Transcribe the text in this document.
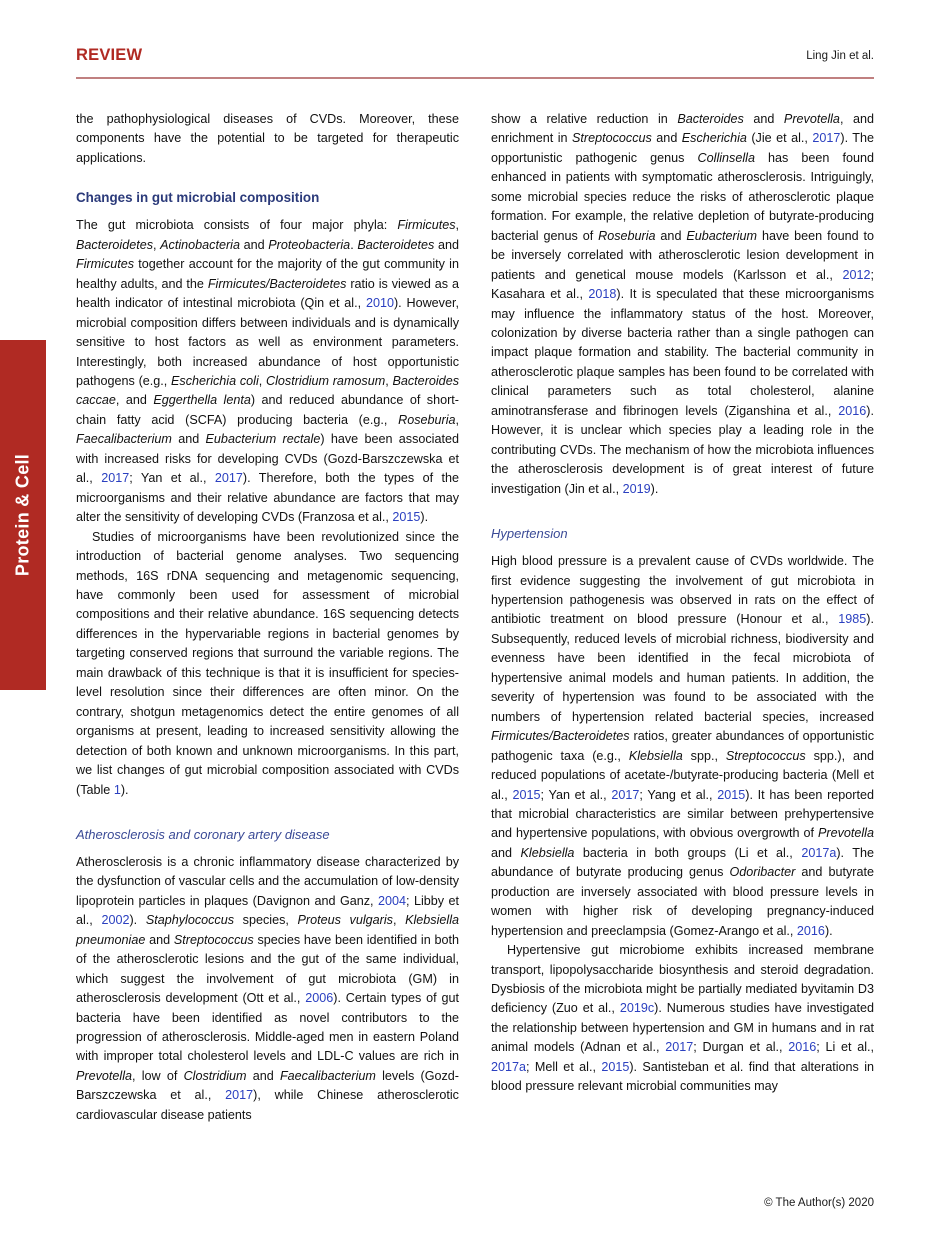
REVIEW	Ling Jin et al.
Protein & Cell

the pathophysiological diseases of CVDs. Moreover, these components have the potential to be targeted for therapeutic applications.

Changes in gut microbial composition

The gut microbiota consists of four major phyla: Firmicutes, Bacteroidetes, Actinobacteria and Proteobacteria. Bacteroidetes and Firmicutes together account for the majority of the gut community in healthy adults, and the Firmicutes/Bacteroidetes ratio is viewed as a health indicator of intestinal microbiota (Qin et al., 2010). However, microbial composition differs between individuals and is dynamically sensitive to host factors as well as environment parameters. Interestingly, both increased abundance of host opportunistic pathogens (e.g., Escherichia coli, Clostridium ramosum, Bacteroides caccae, and Eggerthella lenta) and reduced abundance of short-chain fatty acid (SCFA) producing bacteria (e.g., Roseburia, Faecalibacterium and Eubacterium rectale) have been associated with increased risks for developing CVDs (Gozd-Barszczewska et al., 2017; Yan et al., 2017). Therefore, both the types of the microorganisms and their relative abundance are factors that may alter the sensitivity of developing CVDs (Franzosa et al., 2015).

Studies of microorganisms have been revolutionized since the introduction of bacterial genome analyses. Two sequencing methods, 16S rDNA sequencing and metagenomic sequencing, have commonly been used for assessment of microbial compositions and their relative abundance. 16S sequencing detects differences in the hypervariable regions in bacterial genomes by targeting conserved regions that surround the variable regions. The main drawback of this technique is that it is insufficient for species-level resolution since their differences are often minor. On the contrary, shotgun metagenomics detect the entire genomes of all organisms at present, leading to increased sensitivity allowing the detection of both known and unknown microorganisms. In this part, we list changes of gut microbial composition associated with CVDs (Table 1).

Atherosclerosis and coronary artery disease

Atherosclerosis is a chronic inflammatory disease characterized by the dysfunction of vascular cells and the accumulation of low-density lipoprotein particles in plaques (Davignon and Ganz, 2004; Libby et al., 2002). Staphylococcus species, Proteus vulgaris, Klebsiella pneumoniae and Streptococcus species have been identified in both of the atherosclerotic lesions and the gut of the same individual, which suggest the involvement of gut microbiota (GM) in atherosclerosis development (Ott et al., 2006). Certain types of gut bacteria have been identified as novel contributors to the progression of atherosclerosis. Middle-aged men in eastern Poland with improper total cholesterol levels and LDL-C values are rich in Prevotella, low of Clostridium and Faecalibacterium levels (Gozd-Barszczewska et al., 2017), while Chinese atherosclerotic cardiovascular disease patients

show a relative reduction in Bacteroides and Prevotella, and enrichment in Streptococcus and Escherichia (Jie et al., 2017). The opportunistic pathogenic genus Collinsella has been found enhanced in patients with symptomatic atherosclerosis. Intriguingly, some microbial species reduce the risks of atherosclerotic plaque formation. For example, the relative depletion of butyrate-producing bacterial genus of Roseburia and Eubacterium have been found to be inversely correlated with atherosclerotic lesion development in patients and genetical mouse models (Karlsson et al., 2012; Kasahara et al., 2018). It is speculated that these microorganisms may influence the inflammatory status of the host. Moreover, colonization by diverse bacteria rather than a single pathogen can impact plaque formation and stability. The bacterial community in atherosclerotic plaque samples has been found to be correlated with clinical parameters such as total cholesterol, alanine aminotransferase and fibrinogen levels (Ziganshina et al., 2016). However, it is unclear which species play a leading role in the contributing CVDs. The mechanism of how the microbiota influences the atherosclerosis development is of great interest of future investigation (Jin et al., 2019).

Hypertension

High blood pressure is a prevalent cause of CVDs worldwide. The first evidence suggesting the involvement of gut microbiota in hypertension pathogenesis was observed in rats on the effect of antibiotic treatment on blood pressure (Honour et al., 1985). Subsequently, reduced levels of microbial richness, biodiversity and evenness have been identified in the fecal microbiota of hypertensive animal models and human patients. In addition, the severity of hypertension was found to be associated with the numbers of hypertension related bacterial species, increased Firmicutes/Bacteroidetes ratios, greater abundances of opportunistic pathogenic taxa (e.g., Klebsiella spp., Streptococcus spp.), and reduced populations of acetate-/butyrate-producing bacteria (Mell et al., 2015; Yan et al., 2017; Yang et al., 2015). It has been reported that microbial characteristics are similar between prehypertensive and hypertensive populations, with obvious overgrowth of Prevotella and Klebsiella bacteria in both groups (Li et al., 2017a). The abundance of butyrate producing genus Odoribacter and butyrate production are inversely associated with blood pressure levels in women with higher risk of developing pregnancy-induced hypertension and preeclampsia (Gomez-Arango et al., 2016).

Hypertensive gut microbiome exhibits increased membrane transport, lipopolysaccharide biosynthesis and steroid degradation. Dysbiosis of the microbiota might be partially mediated byvitamin D3 deficiency (Zuo et al., 2019c). Numerous studies have investigated the relationship between hypertension and GM in humans and in rat animal models (Adnan et al., 2017; Durgan et al., 2016; Li et al., 2017a; Mell et al., 2015). Santisteban et al. find that alterations in blood pressure relevant microbial communities may

© The Author(s) 2020
